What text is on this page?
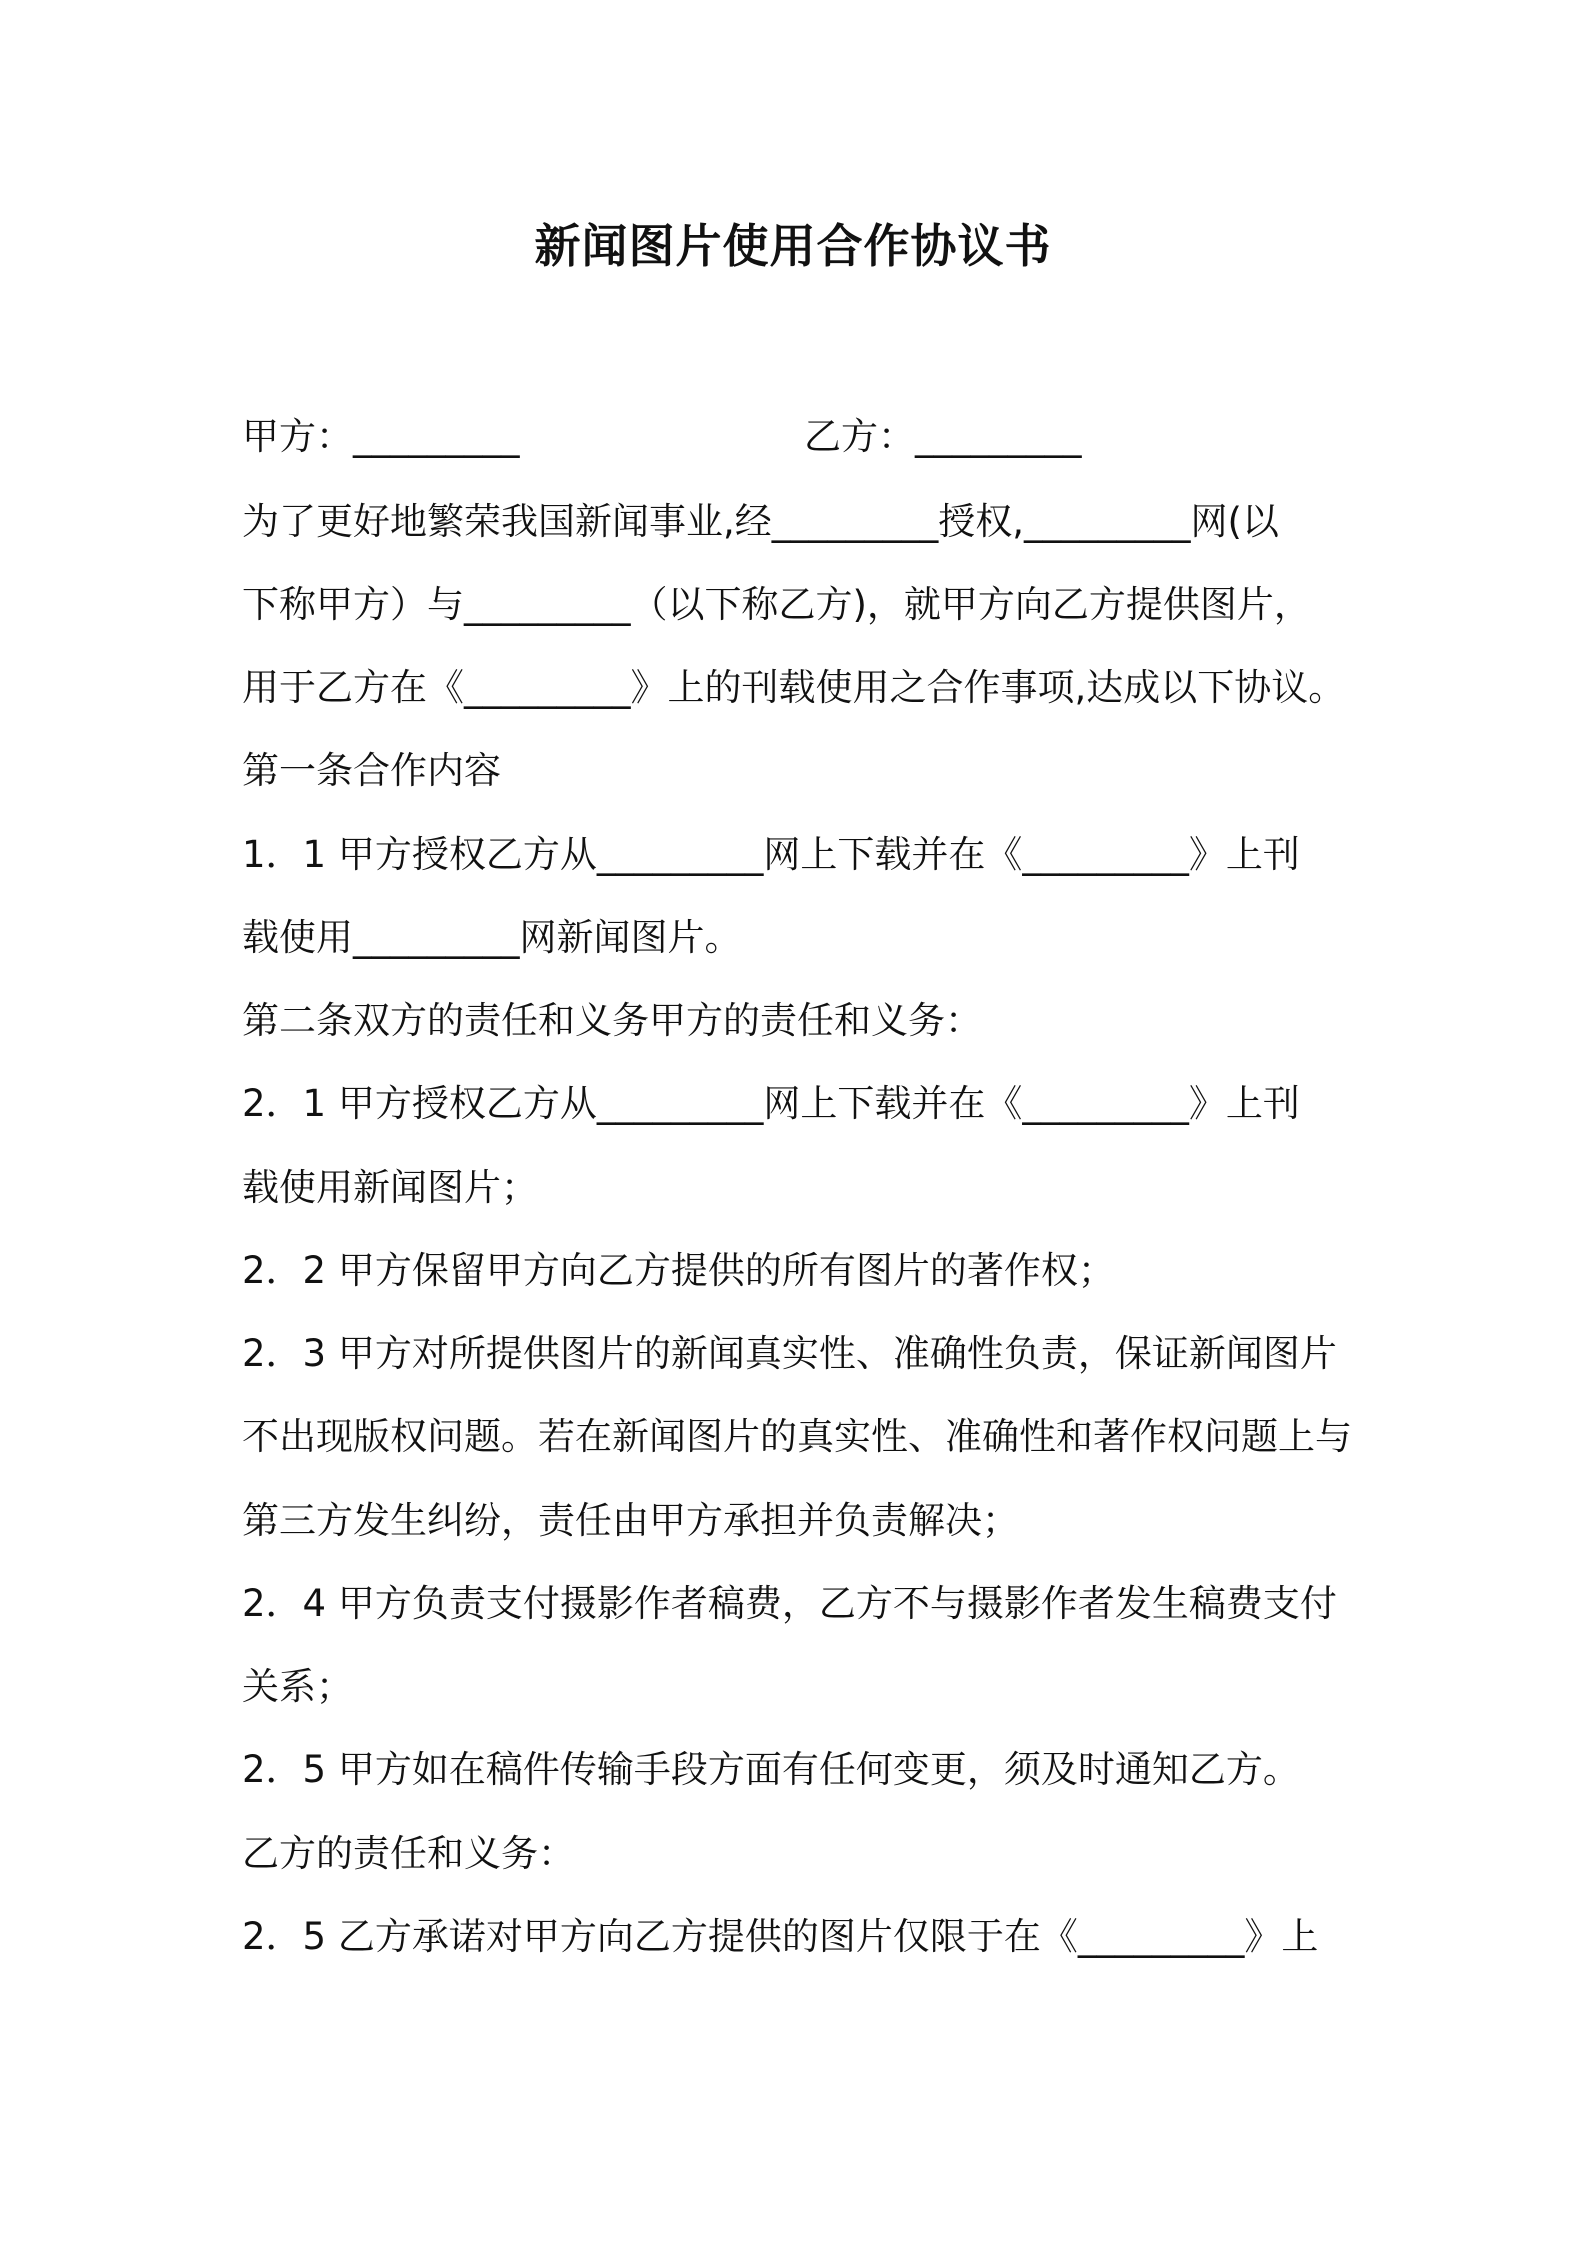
新闻图片使用合作协议书
甲方：_________	乙方：_________
为了更好地繁荣我国新闻事业,经_________授权,_________网(以
下称甲方）与_________（以下称乙方)，就甲方向乙方提供图片，
用于乙方在《_________》上的刊载使用之合作事项,达成以下协议。
第一条合作内容
1．1 甲方授权乙方从_________网上下载并在《_________》上刊
载使用_________网新闻图片。
第二条双方的责任和义务甲方的责任和义务：
2．1 甲方授权乙方从_________网上下载并在《_________》上刊
载使用新闻图片；
2．2 甲方保留甲方向乙方提供的所有图片的著作权；
2．3 甲方对所提供图片的新闻真实性、准确性负责，保证新闻图片
不出现版权问题。若在新闻图片的真实性、准确性和著作权问题上与
第三方发生纠纷，责任由甲方承担并负责解决；
2．4 甲方负责支付摄影作者稿费，乙方不与摄影作者发生稿费支付
关系；
2．5 甲方如在稿件传输手段方面有任何变更，须及时通知乙方。
乙方的责任和义务：
2．5 乙方承诺对甲方向乙方提供的图片仅限于在《_________》上
